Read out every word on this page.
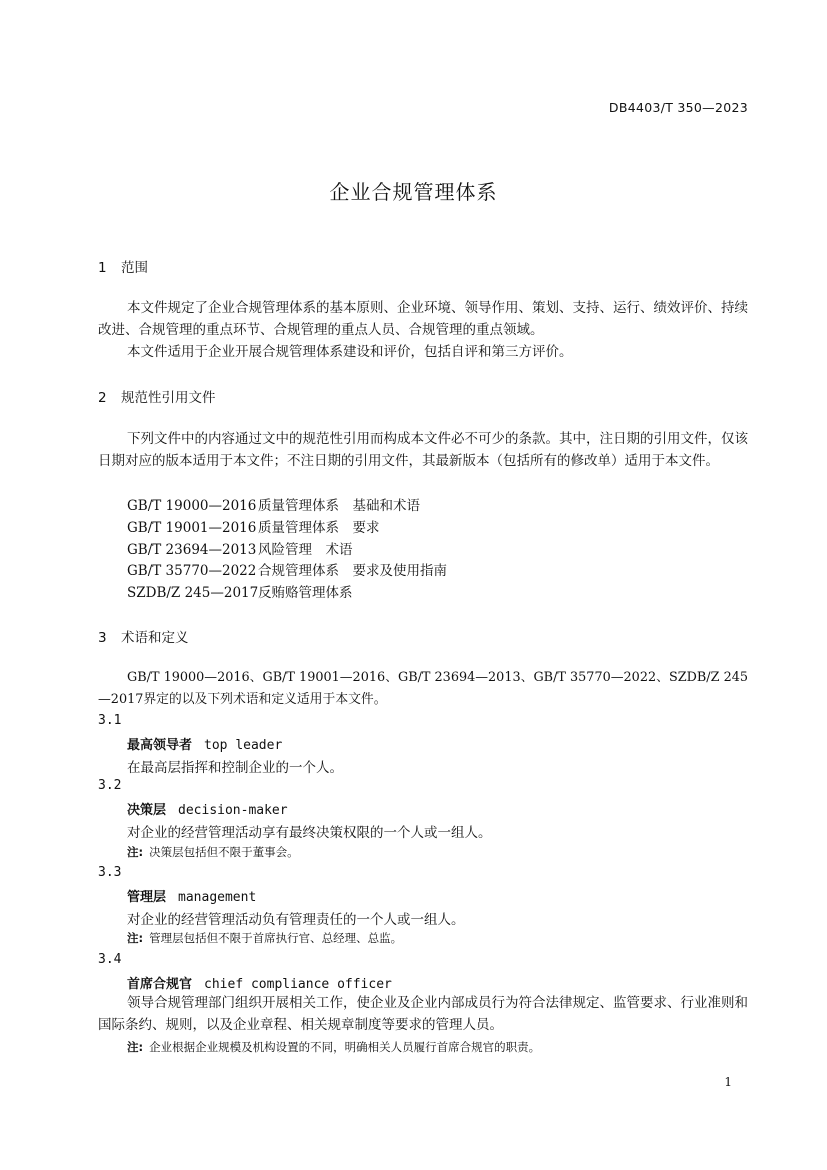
DB4403/T 350—2023
企业合规管理体系
1 范围
本文件规定了企业合规管理体系的基本原则、企业环境、领导作用、策划、支持、运行、绩效评价、持续改进、合规管理的重点环节、合规管理的重点人员、合规管理的重点领域。
本文件适用于企业开展合规管理体系建设和评价，包括自评和第三方评价。
2 规范性引用文件
下列文件中的内容通过文中的规范性引用而构成本文件必不可少的条款。其中，注日期的引用文件，仅该日期对应的版本适用于本文件；不注日期的引用文件，其最新版本（包括所有的修改单）适用于本文件。
GB/T 19000—2016 质量管理体系　基础和术语
GB/T 19001—2016 质量管理体系　要求
GB/T 23694—2013 风险管理　术语
GB/T 35770—2022 合规管理体系　要求及使用指南
SZDB/Z 245—2017反贿赂管理体系
3 术语和定义
GB/T 19000—2016、GB/T 19001—2016、GB/T 23694—2013、GB/T 35770—2022、SZDB/Z 245—2017界定的以及下列术语和定义适用于本文件。
3.1
最高领导者 top leader
在最高层指挥和控制企业的一个人。
3.2
决策层 decision-maker
对企业的经营管理活动享有最终决策权限的一个人或一组人。
注: 决策层包括但不限于董事会。
3.3
管理层 management
对企业的经营管理活动负有管理责任的一个人或一组人。
注: 管理层包括但不限于首席执行官、总经理、总监。
3.4
首席合规官 chief compliance officer
领导合规管理部门组织开展相关工作，使企业及企业内部成员行为符合法律规定、监管要求、行业准则和国际条约、规则，以及企业章程、相关规章制度等要求的管理人员。
注: 企业根据企业规模及机构设置的不同，明确相关人员履行首席合规官的职责。
1
